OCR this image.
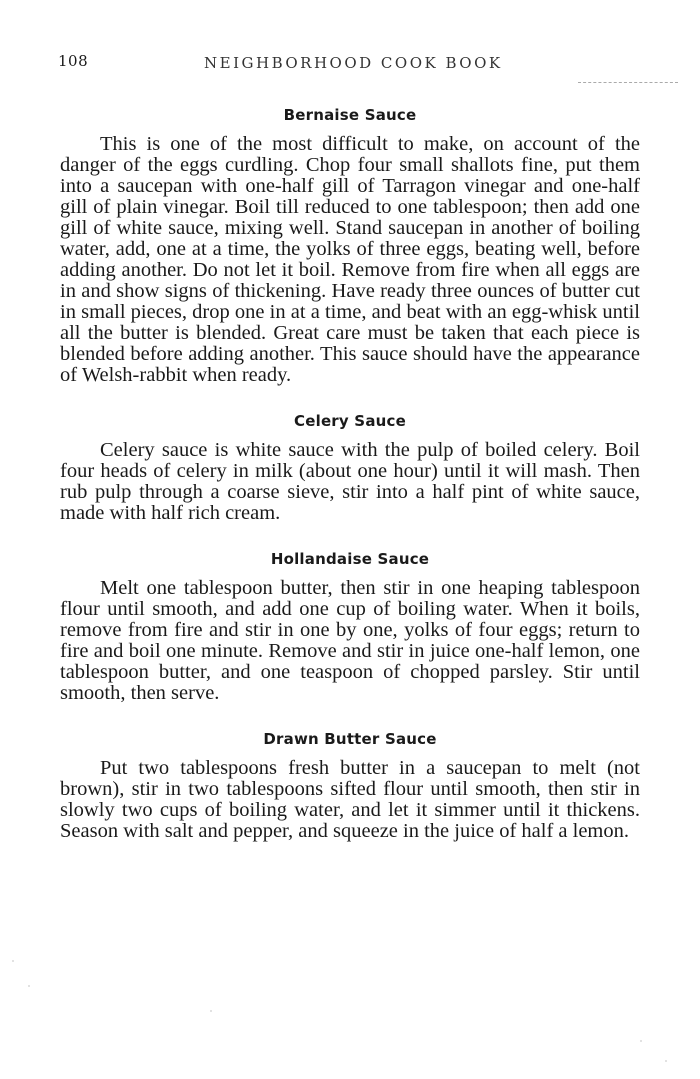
108	NEIGHBORHOOD COOK BOOK
Bernaise Sauce

This is one of the most difficult to make, on account of the danger of the eggs curdling. Chop four small shallots fine, put them into a saucepan with one-half gill of Tarragon vinegar and one-half gill of plain vinegar. Boil till reduced to one tablespoon; then add one gill of white sauce, mixing well. Stand saucepan in another of boiling water, add, one at a time, the yolks of three eggs, beating well, before adding another. Do not let it boil. Remove from fire when all eggs are in and show signs of thickening. Have ready three ounces of butter cut in small pieces, drop one in at a time, and beat with an egg-whisk until all the butter is blended. Great care must be taken that each piece is blended before adding another. This sauce should have the appearance of Welsh-rabbit when ready.

Celery Sauce

Celery sauce is white sauce with the pulp of boiled celery. Boil four heads of celery in milk (about one hour) until it will mash. Then rub pulp through a coarse sieve, stir into a half pint of white sauce, made with half rich cream.

Hollandaise Sauce

Melt one tablespoon butter, then stir in one heaping tablespoon flour until smooth, and add one cup of boiling water. When it boils, remove from fire and stir in one by one, yolks of four eggs; return to fire and boil one minute. Remove and stir in juice one-half lemon, one tablespoon butter, and one teaspoon of chopped parsley. Stir until smooth, then serve.

Drawn Butter Sauce

Put two tablespoons fresh butter in a saucepan to melt (not brown), stir in two tablespoons sifted flour until smooth, then stir in slowly two cups of boiling water, and let it simmer until it thickens. Season with salt and pepper, and squeeze in the juice of half a lemon.
